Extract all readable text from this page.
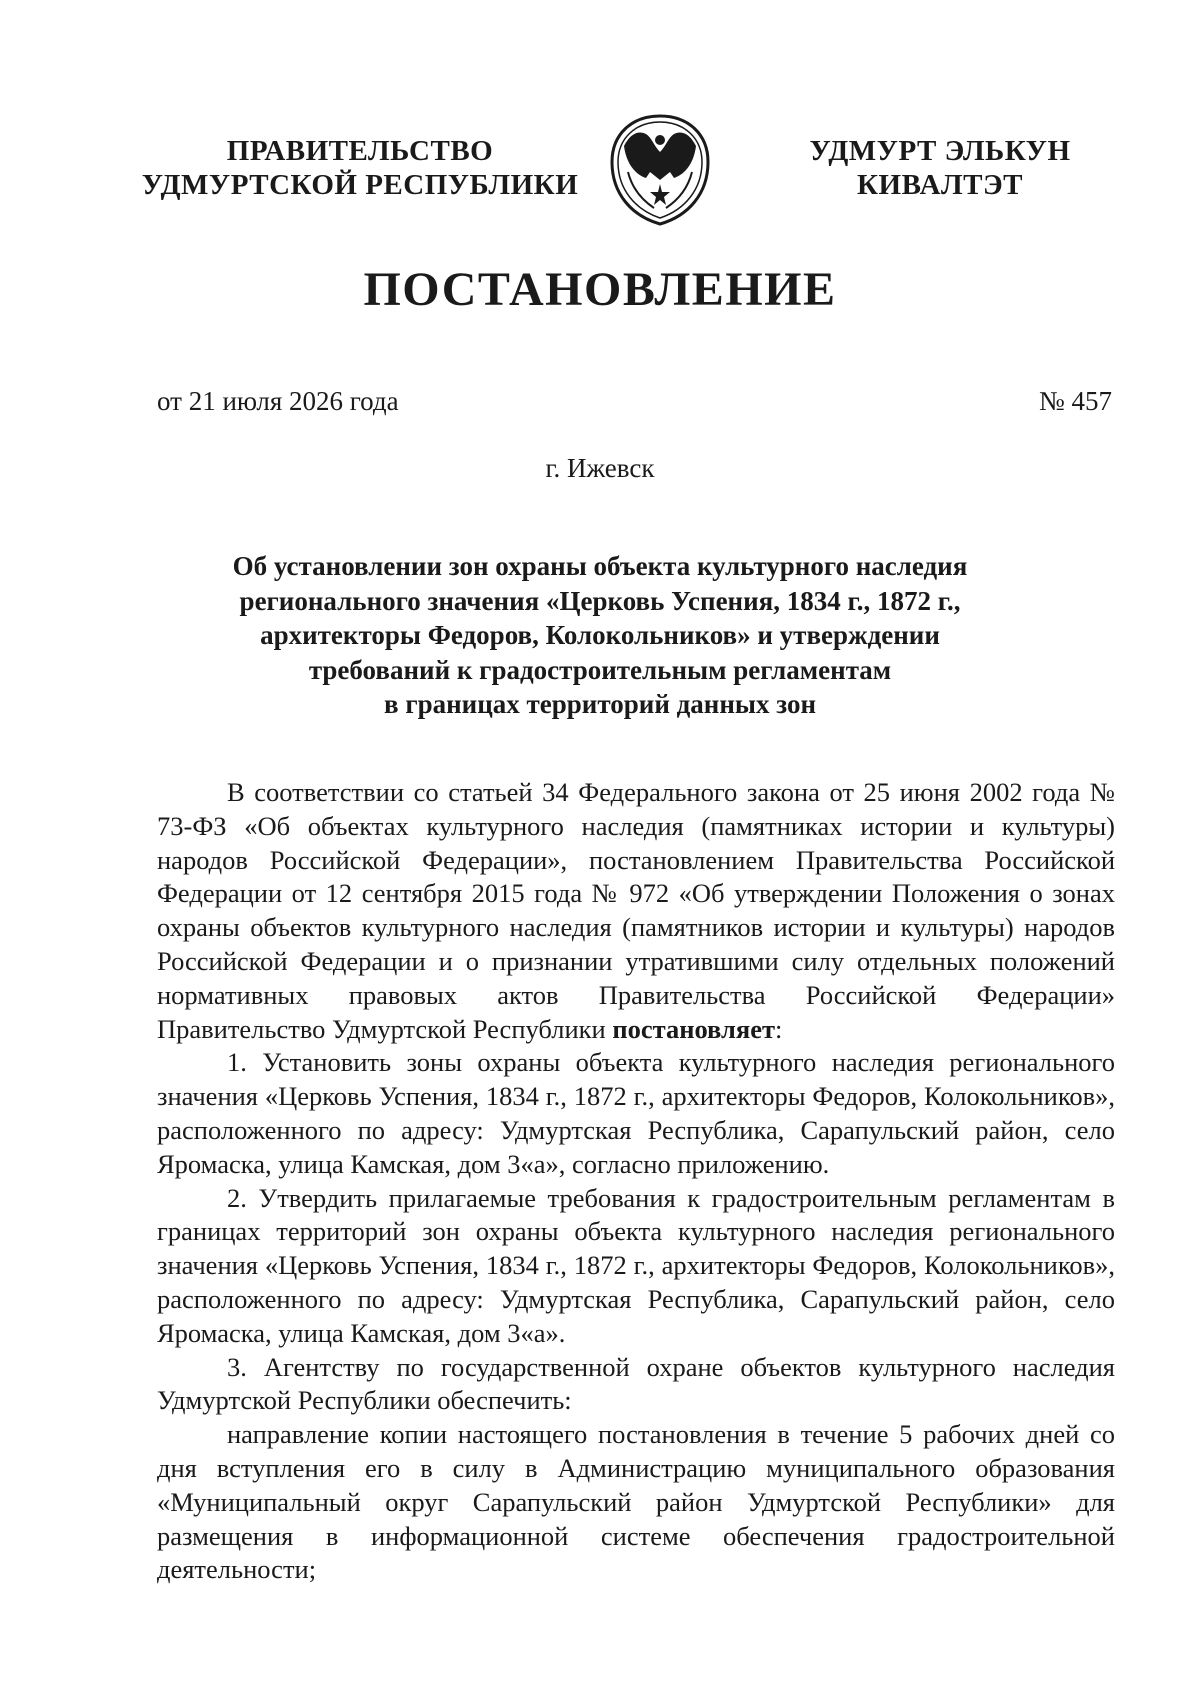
ПРАВИТЕЛЬСТВО
УДМУРТСКОЙ РЕСПУБЛИКИ
УДМУРТ ЭЛЬКУН
КИВАЛТЭТ
ПОСТАНОВЛЕНИЕ
от 21 июля 2026 года	№ 457
г. Ижевск
Об установлении зон охраны объекта культурного наследия
регионального значения «Церковь Успения, 1834 г., 1872 г.,
архитекторы Федоров, Колокольников» и утверждении
требований к градостроительным регламентам
в границах территорий данных зон

В соответствии со статьей 34 Федерального закона от 25 июня 2002 года № 73-ФЗ «Об объектах культурного наследия (памятниках истории и культуры) народов Российской Федерации», постановлением Правительства Российской Федерации от 12 сентября 2015 года № 972 «Об утверждении Положения о зонах охраны объектов культурного наследия (памятников истории и культуры) народов Российской Федерации и о признании утратившими силу отдельных положений нормативных правовых актов Правительства Российской Федерации» Правительство Удмуртской Республики постановляет:

1. Установить зоны охраны объекта культурного наследия регионального значения «Церковь Успения, 1834 г., 1872 г., архитекторы Федоров, Колокольников», расположенного по адресу: Удмуртская Республика, Сарапульский район, село Яромаска, улица Камская, дом 3«а», согласно приложению.

2. Утвердить прилагаемые требования к градостроительным регламентам в границах территорий зон охраны объекта культурного наследия регионального значения «Церковь Успения, 1834 г., 1872 г., архитекторы Федоров, Колокольников», расположенного по адресу: Удмуртская Республика, Сарапульский район, село Яромаска, улица Камская, дом 3«а».

3. Агентству по государственной охране объектов культурного наследия Удмуртской Республики обеспечить:

направление копии настоящего постановления в течение 5 рабочих дней со дня вступления его в силу в Администрацию муниципального образования «Муниципальный округ Сарапульский район Удмуртской Республики» для размещения в информационной системе обеспечения градостроительной деятельности;
